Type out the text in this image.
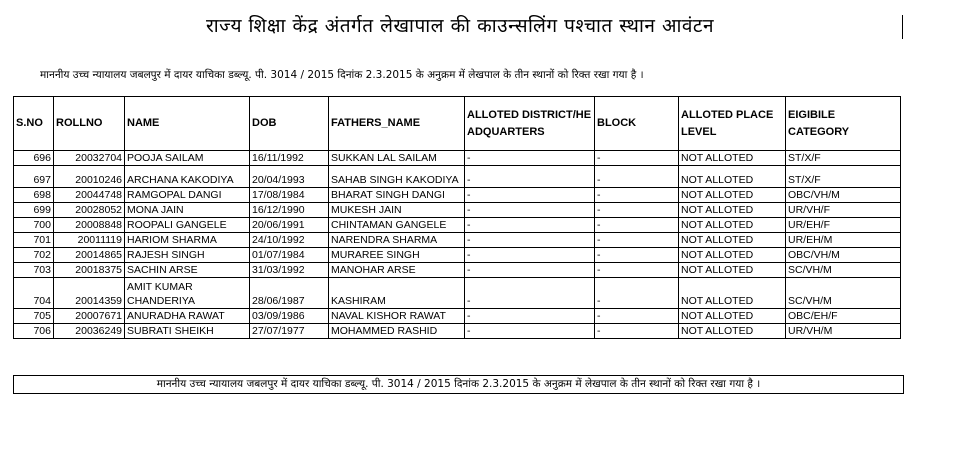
राज्य शिक्षा केंद्र अंतर्गत लेखापाल की काउन्सलिंग पश्चात स्थान आवंटन
माननीय उच्च न्यायालय जबलपुर में दायर याचिका डब्ल्यू. पी. 3014 / 2015 दिनांक 2.3.2015 के अनुक्रम में लेखपाल के तीन स्थानों को रिक्त रखा गया है ।
S.NO	ROLLNO	NAME	DOB	FATHERS_NAME	ALLOTED DISTRICT/HEADQUARTERS	BLOCK	ALLOTED PLACE LEVEL	EIGIBILE CATEGORY
696	20032704	POOJA SAILAM	16/11/1992	SUKKAN LAL SAILAM	-	-	NOT ALLOTED	ST/X/F
697	20010246	ARCHANA KAKODIYA	20/04/1993	SAHAB SINGH KAKODIYA	-	-	NOT ALLOTED	ST/X/F
698	20044748	RAMGOPAL DANGI	17/08/1984	BHARAT SINGH DANGI	-	-	NOT ALLOTED	OBC/VH/M
699	20028052	MONA JAIN	16/12/1990	MUKESH JAIN	-	-	NOT ALLOTED	UR/VH/F
700	20008848	ROOPALI GANGELE	20/06/1991	CHINTAMAN GANGELE	-	-	NOT ALLOTED	UR/EH/F
701	20011119	HARIOM SHARMA	24/10/1992	NARENDRA SHARMA	-	-	NOT ALLOTED	UR/EH/M
702	20014865	RAJESH SINGH	01/07/1984	MURAREE SINGH	-	-	NOT ALLOTED	OBC/VH/M
703	20018375	SACHIN ARSE	31/03/1992	MANOHAR ARSE	-	-	NOT ALLOTED	SC/VH/M
704	20014359	AMIT KUMAR CHANDERIYA	28/06/1987	KASHIRAM	-	-	NOT ALLOTED	SC/VH/M
705	20007671	ANURADHA RAWAT	03/09/1986	NAVAL KISHOR RAWAT	-	-	NOT ALLOTED	OBC/EH/F
706	20036249	SUBRATI SHEIKH	27/07/1977	MOHAMMED RASHID	-	-	NOT ALLOTED	UR/VH/M
माननीय उच्च न्यायालय जबलपुर में दायर याचिका डब्ल्यू. पी. 3014 / 2015 दिनांक 2.3.2015 के अनुक्रम में लेखपाल के तीन स्थानों को रिक्त रखा गया है ।
